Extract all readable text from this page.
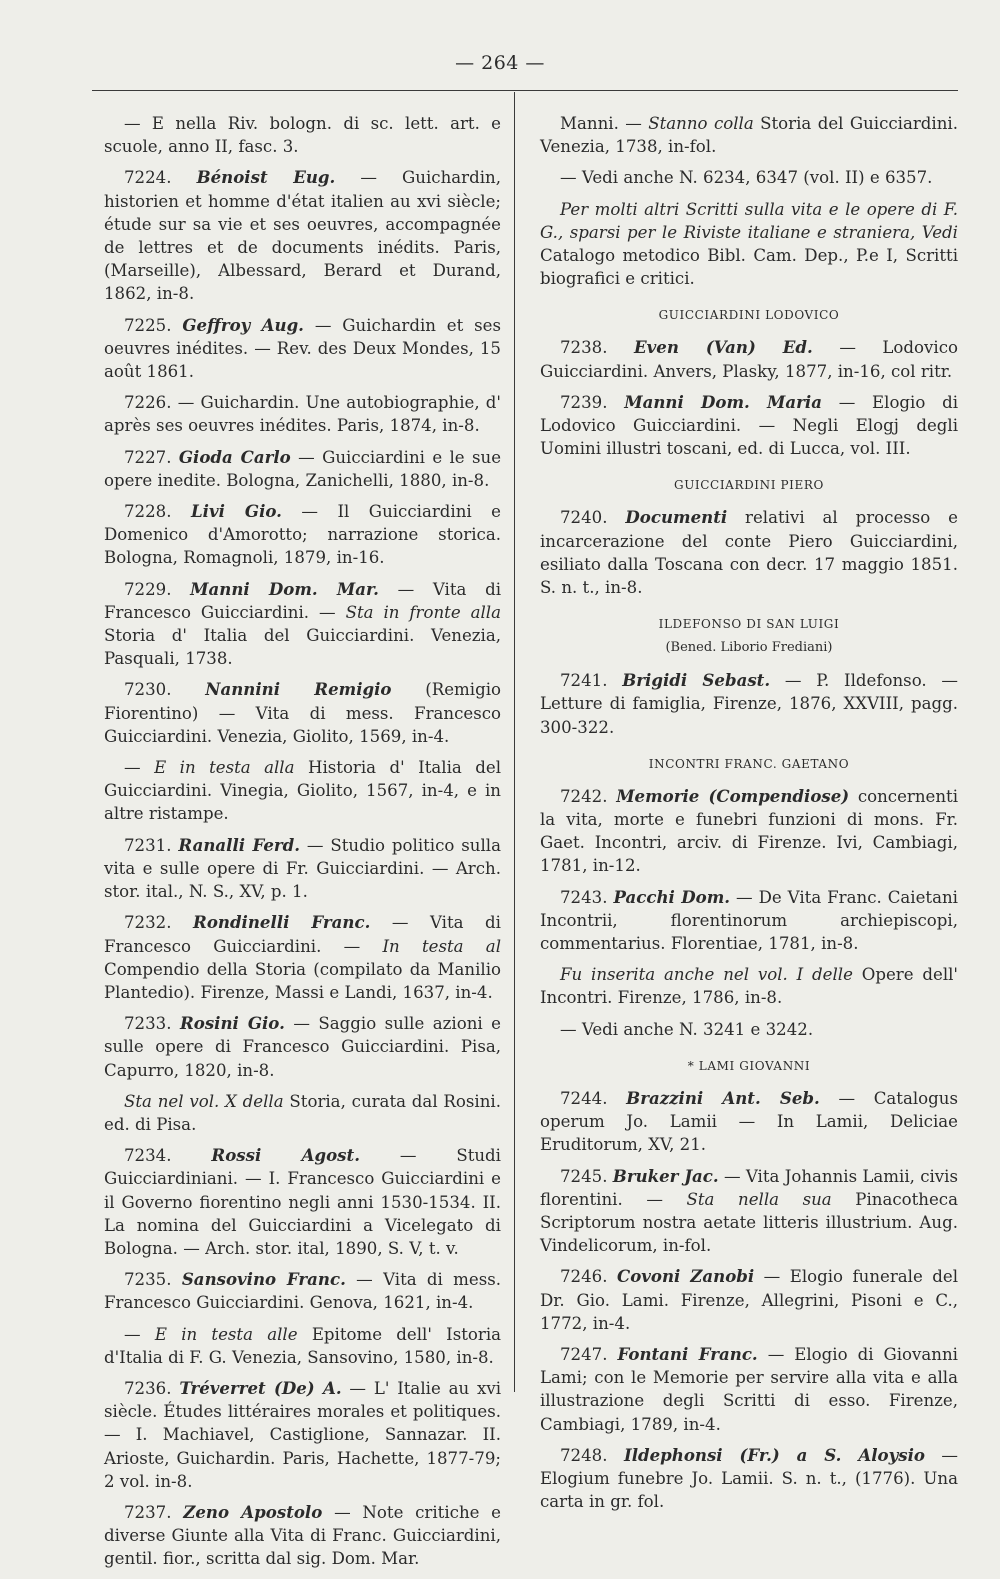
— 264 —

— E nella Riv. bologn. di sc. lett. art. e scuole, anno II, fasc. 3.

7224. Bénoist Eug. — Guichardin, historien et homme d'état italien au xvi siècle; étude sur sa vie et ses oeuvres, accompagnée de lettres et de documents inédits. Paris, (Marseille), Albessard, Berard et Durand, 1862, in-8.

7225. Geffroy Aug. — Guichardin et ses oeuvres inédites. — Rev. des Deux Mondes, 15 août 1861.

7226. — Guichardin. Une autobiographie, d' après ses oeuvres inédites. Paris, 1874, in-8.

7227. Gioda Carlo — Guicciardini e le sue opere inedite. Bologna, Zanichelli, 1880, in-8.

7228. Livi Gio. — Il Guicciardini e Domenico d'Amorotto; narrazione storica. Bologna, Romagnoli, 1879, in-16.

7229. Manni Dom. Mar. — Vita di Francesco Guicciardini. — Sta in fronte alla Storia d' Italia del Guicciardini. Venezia, Pasquali, 1738.

7230. Nannini Remigio (Remigio Fiorentino) — Vita di mess. Francesco Guicciardini. Venezia, Giolito, 1569, in-4.

— E in testa alla Historia d' Italia del Guicciardini. Vinegia, Giolito, 1567, in-4, e in altre ristampe.

7231. Ranalli Ferd. — Studio politico sulla vita e sulle opere di Fr. Guicciardini. — Arch. stor. ital., N. S., XV, p. 1.

7232. Rondinelli Franc. — Vita di Francesco Guicciardini. — In testa al Compendio della Storia (compilato da Manilio Plantedio). Firenze, Massi e Landi, 1637, in-4.

7233. Rosini Gio. — Saggio sulle azioni e sulle opere di Francesco Guicciardini. Pisa, Capurro, 1820, in-8.

Sta nel vol. X della Storia, curata dal Rosini. ed. di Pisa.

7234. Rossi Agost. — Studi Guicciardiniani. — I. Francesco Guicciardini e il Governo fiorentino negli anni 1530-1534. II. La nomina del Guicciardini a Vicelegato di Bologna. — Arch. stor. ital, 1890, S. V, t. v.

7235. Sansovino Franc. — Vita di mess. Francesco Guicciardini. Genova, 1621, in-4.

— E in testa alle Epitome dell' Istoria d'Italia di F. G. Venezia, Sansovino, 1580, in-8.

7236. Tréverret (De) A. — L' Italie au xvi siècle. Études littéraires morales et politiques. — I. Machiavel, Castiglione, Sannazar. II. Arioste, Guichardin. Paris, Hachette, 1877-79; 2 vol. in-8.

7237. Zeno Apostolo — Note critiche e diverse Giunte alla Vita di Franc. Guicciardini, gentil. fior., scritta dal sig. Dom. Mar.

Manni. — Stanno colla Storia del Guicciardini. Venezia, 1738, in-fol.

— Vedi anche N. 6234, 6347 (vol. II) e 6357.

Per molti altri Scritti sulla vita e le opere di F. G., sparsi per le Riviste italiane e straniera, Vedi Catalogo metodico Bibl. Cam. Dep., P.e I, Scritti biografici e critici.

GUICCIARDINI LODOVICO

7238. Even (Van) Ed. — Lodovico Guicciardini. Anvers, Plasky, 1877, in-16, col ritr.

7239. Manni Dom. Maria — Elogio di Lodovico Guicciardini. — Negli Elogj degli Uomini illustri toscani, ed. di Lucca, vol. III.

GUICCIARDINI PIERO

7240. Documenti relativi al processo e incarcerazione del conte Piero Guicciardini, esiliato dalla Toscana con decr. 17 maggio 1851. S. n. t., in-8.

ILDEFONSO DI SAN LUIGI
(Bened. Liborio Frediani)

7241. Brigidi Sebast. — P. Ildefonso. — Letture di famiglia, Firenze, 1876, XXVIII, pagg. 300-322.

INCONTRI FRANC. GAETANO

7242. Memorie (Compendiose) concernenti la vita, morte e funebri funzioni di mons. Fr. Gaet. Incontri, arciv. di Firenze. Ivi, Cambiagi, 1781, in-12.

7243. Pacchi Dom. — De Vita Franc. Caietani Incontrii, florentinorum archiepiscopi, commentarius. Florentiae, 1781, in-8.

Fu inserita anche nel vol. I delle Opere dell' Incontri. Firenze, 1786, in-8.

— Vedi anche N. 3241 e 3242.

* LAMI GIOVANNI

7244. Brazzini Ant. Seb. — Catalogus operum Jo. Lamii — In Lamii, Deliciae Eruditorum, XV, 21.

7245. Bruker Jac. — Vita Johannis Lamii, civis florentini. — Sta nella sua Pinacotheca Scriptorum nostra aetate litteris illustrium. Aug. Vindelicorum, in-fol.

7246. Covoni Zanobi — Elogio funerale del Dr. Gio. Lami. Firenze, Allegrini, Pisoni e C., 1772, in-4.

7247. Fontani Franc. — Elogio di Giovanni Lami; con le Memorie per servire alla vita e alla illustrazione degli Scritti di esso. Firenze, Cambiagi, 1789, in-4.

7248. Ildephonsi (Fr.) a S. Aloysio — Elogium funebre Jo. Lamii. S. n. t., (1776). Una carta in gr. fol.
